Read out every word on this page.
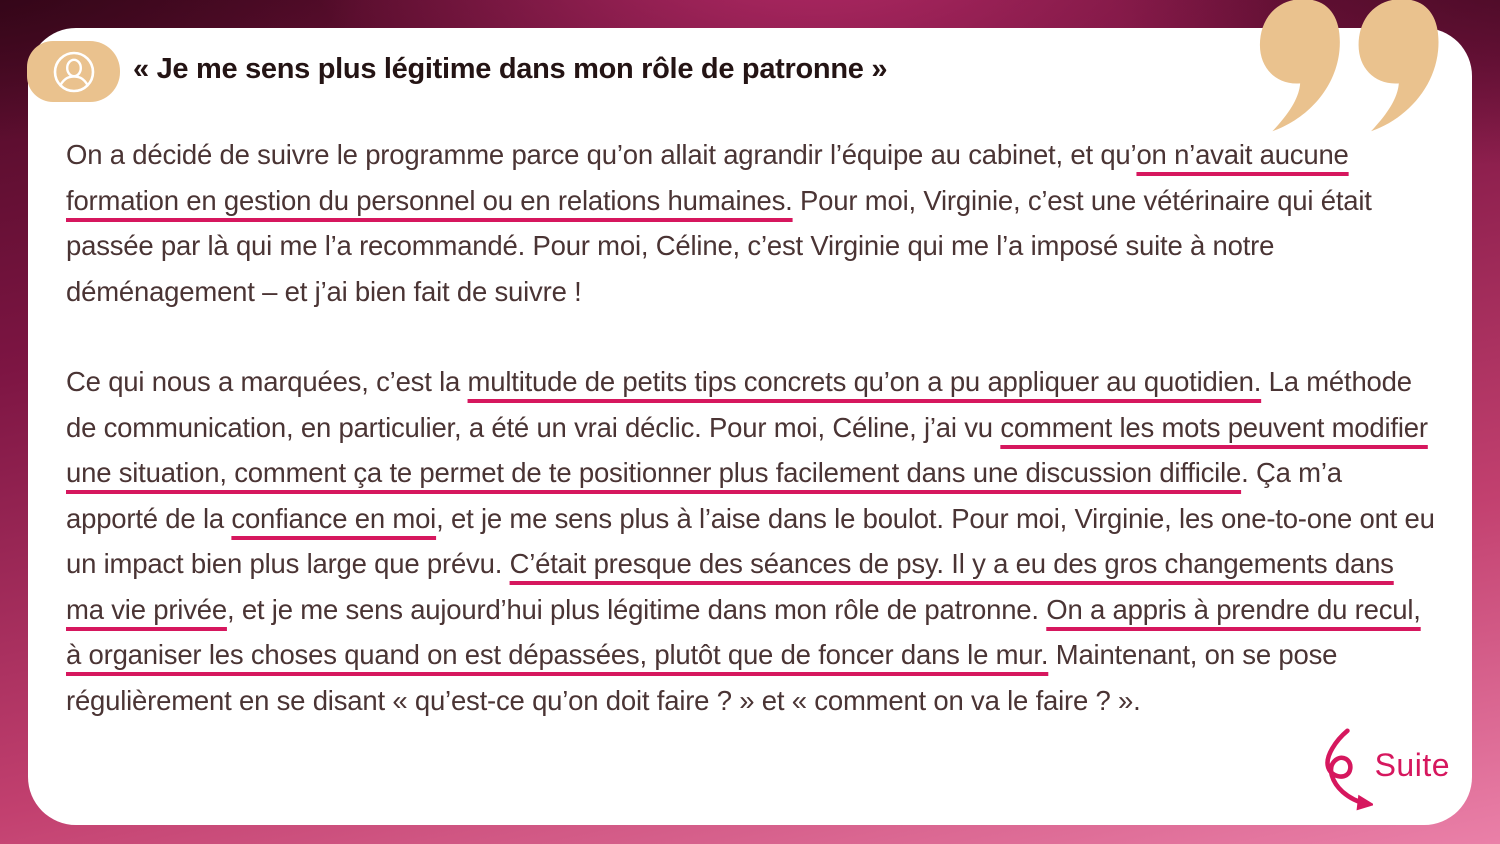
« Je me sens plus légitime dans mon rôle de patronne »

On a décidé de suivre le programme parce qu’on allait agrandir l’équipe au cabinet, et qu’on n’avait aucune formation en gestion du personnel ou en relations humaines. Pour moi, Virginie, c’est une vétérinaire qui était passée par là qui me l’a recommandé. Pour moi, Céline, c’est Virginie qui me l’a imposé suite à notre déménagement – et j’ai bien fait de suivre !

Ce qui nous a marquées, c’est la multitude de petits tips concrets qu’on a pu appliquer au quotidien. La méthode de communication, en particulier, a été un vrai déclic. Pour moi, Céline, j’ai vu comment les mots peuvent modifier une situation, comment ça te permet de te positionner plus facilement dans une discussion difficile. Ça m’a apporté de la confiance en moi, et je me sens plus à l’aise dans le boulot. Pour moi, Virginie, les one-to-one ont eu un impact bien plus large que prévu. C’était presque des séances de psy. Il y a eu des gros changements dans ma vie privée, et je me sens aujourd’hui plus légitime dans mon rôle de patronne. On a appris à prendre du recul, à organiser les choses quand on est dépassées, plutôt que de foncer dans le mur. Maintenant, on se pose régulièrement en se disant « qu’est-ce qu’on doit faire ? » et « comment on va le faire ? ».

Suite
